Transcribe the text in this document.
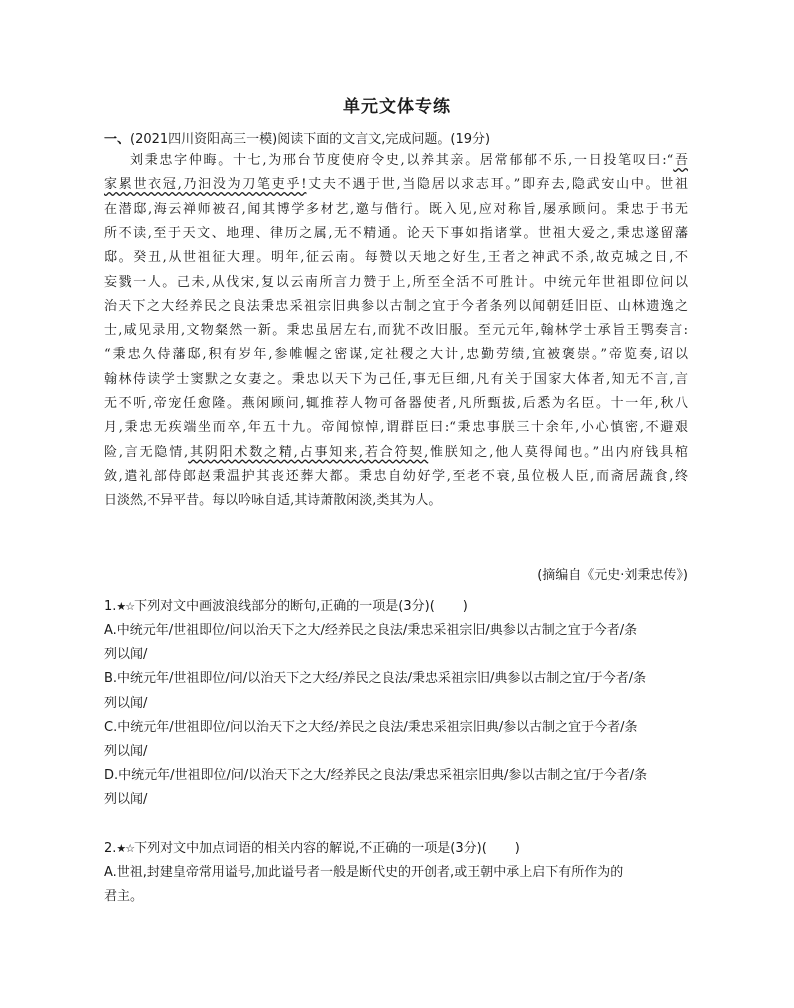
单元文体专练
一、(2021四川资阳高三一模)阅读下面的文言文,完成问题。(19分)
刘秉忠字仲晦。十七,为邢台节度使府令史,以养其亲。居常郁郁不乐,一日投笔叹曰:“吾
家累世衣冠,乃汩没为刀笔吏乎!丈夫不遇于世,当隐居以求志耳。”即弃去,隐武安山中。世祖
在潜邸,海云禅师被召,闻其博学多材艺,邀与偕行。既入见,应对称旨,屡承顾问。秉忠于书无
所不读,至于天文、地理、律历之属,无不精通。论天下事如指诸掌。世祖大爱之,秉忠遂留藩
邸。癸丑,从世祖征大理。明年,征云南。每赞以天地之好生,王者之神武不杀,故克城之日,不
妄戮一人。己未,从伐宋,复以云南所言力赞于上,所至全活不可胜计。中统元年世祖即位问以
治天下之大经养民之良法秉忠采祖宗旧典参以古制之宜于今者条列以闻朝廷旧臣、山林遗逸之
士,咸见录用,文物粲然一新。秉忠虽居左右,而犹不改旧服。至元元年,翰林学士承旨王鹗奏言:
“秉忠久侍藩邸,积有岁年,参帷幄之密谋,定社稷之大计,忠勤劳绩,宜被褒崇。”帝览奏,诏以
翰林侍读学士窦默之女妻之。秉忠以天下为己任,事无巨细,凡有关于国家大体者,知无不言,言
无不听,帝宠任愈隆。燕闲顾问,辄推荐人物可备器使者,凡所甄拔,后悉为名臣。十一年,秋八
月,秉忠无疾端坐而卒,年五十九。帝闻惊悼,谓群臣曰:“秉忠事朕三十余年,小心慎密,不避艰
险,言无隐情,其阴阳术数之精,占事知来,若合符契,惟朕知之,他人莫得闻也。”出内府钱具棺
敛,遣礼部侍郎赵秉温护其丧还葬大都。秉忠自幼好学,至老不衰,虽位极人臣,而斋居蔬食,终
日淡然,不异平昔。每以吟咏自适,其诗萧散闲淡,类其为人。
(摘编自《元史·刘秉忠传》)
1.★☆下列对文中画波浪线部分的断句,正确的一项是(3分)( )
A.中统元年/世祖即位/问以治天下之大/经养民之良法/秉忠采祖宗旧/典参以古制之宜于今者/条
列以闻/
B.中统元年/世祖即位/问/以治天下之大经/养民之良法/秉忠采祖宗旧/典参以古制之宜/于今者/条
列以闻/
C.中统元年/世祖即位/问以治天下之大经/养民之良法/秉忠采祖宗旧典/参以古制之宜于今者/条
列以闻/
D.中统元年/世祖即位/问/以治天下之大/经养民之良法/秉忠采祖宗旧典/参以古制之宜/于今者/条
列以闻/
2.★☆下列对文中加点词语的相关内容的解说,不正确的一项是(3分)( )
A.世祖,封建皇帝常用谥号,加此谥号者一般是断代史的开创者,或王朝中承上启下有所作为的
君主。
